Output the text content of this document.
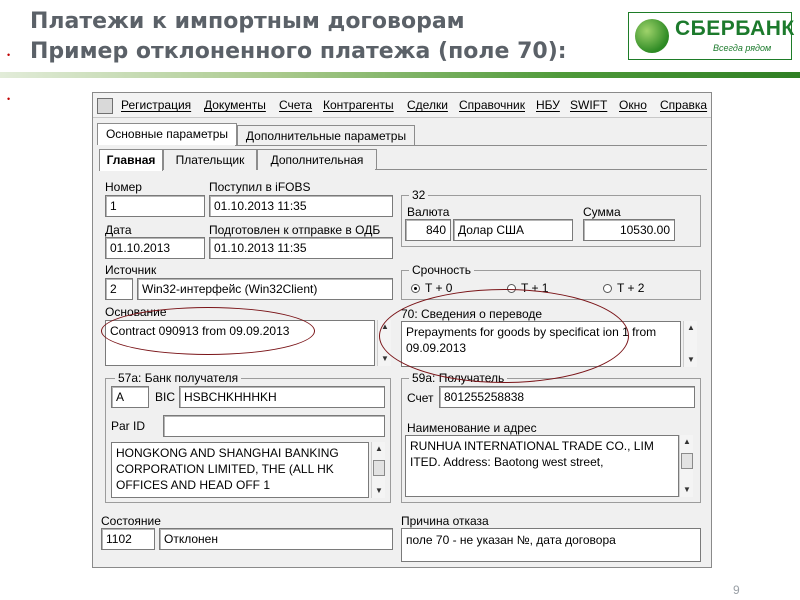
Платежи к импортным договорам
Пример отклоненного платежа (поле 70):
•
•
СБЕРБАНК
Всегда рядом
9
Регистрация Документы Счета Контрагенты Сделки Справочник НБУ SWIFT Окно Справка
Основные параметры	Дополнительные параметры
Главная	Плательщик	Дополнительная
Номер
1
Поступил в iFOBS
01.10.2013 11:35
Дата
01.10.2013
Подготовлен к отправке в ОДБ
01.10.2013 11:35
Источник
2	Win32-интерфейс (Win32Client)
Основание
Contract 090913 from 09.09.2013	▲
▼
57a: Банк получателя
A	BIC HSBCHKHHHKH
Par ID
HONGKONG AND SHANGHAI BANKING CORPORATION LIMITED, THE (ALL HK OFFICES AND HEAD OFF 1
▲
▼
Состояние
1102	Отклонен
32
Валюта
840	Долар США
Сумма
10530.00
Срочность
T + 0	T + 1	T + 2
70: Сведения о переводе
Prepayments for goods by specificat ion 1 from 09.09.2013
▲
▼
59a: Получатель
Счет 801255258838
Наименование и адрес
RUNHUA INTERNATIONAL TRADE CO., LIM ITED. Address: Baotong west street,
▲
▼
Причина отказа
поле 70 - не указан №, дата договора
